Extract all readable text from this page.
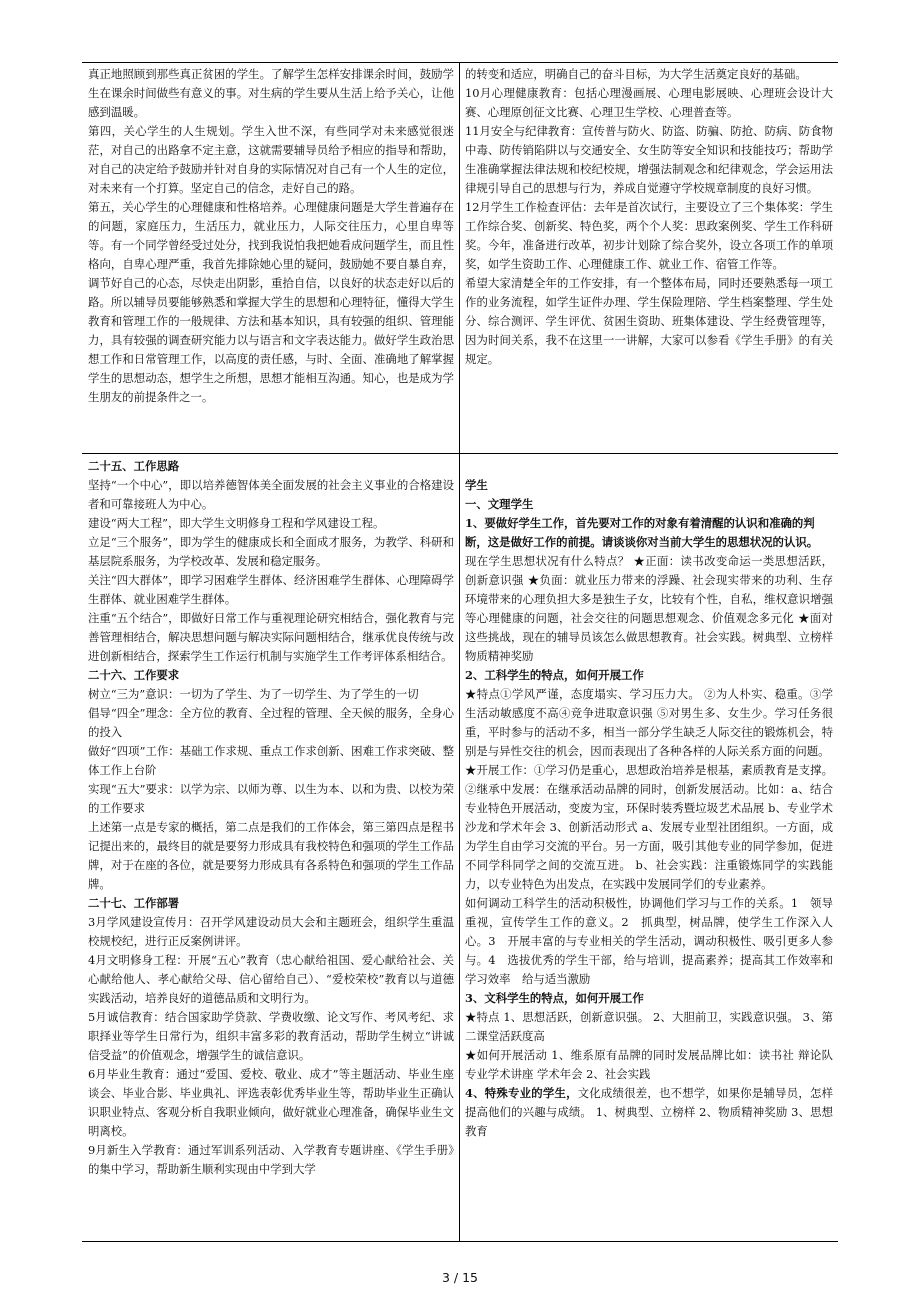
真正地照顾到那些真正贫困的学生。了解学生怎样安排课余时间，鼓励学生在课余时间做些有意义的事。对生病的学生要从生活上给予关心，让他感到温暖。

第四，关心学生的人生规划。学生入世不深，有些同学对未来感觉很迷茫，对自己的出路拿不定主意，这就需要辅导员给予相应的指导和帮助，对自己的决定给予鼓励并针对自身的实际情况对自己有一个人生的定位，对未来有一个打算。坚定自己的信念，走好自己的路。

第五，关心学生的心理健康和性格培养。心理健康问题是大学生普遍存在的问题，家庭压力，生活压力，就业压力，人际交往压力，心里自卑等等。有一个同学曾经受过处分，找到我说怕我把她看成问题学生，而且性格向，自卑心理严重，我首先排除她心里的疑问，鼓励她不要自暴自弃，调节好自己的心态，尽快走出阴影，重拾自信，以良好的状态走好以后的路。所以辅导员要能够熟悉和掌握大学生的思想和心理特征，懂得大学生教育和管理工作的一般规律、方法和基本知识，具有较强的组织、管理能力，具有较强的调查研究能力以与语言和文字表达能力。做好学生政治思想工作和日常管理工作，以高度的责任感，与时、全面、准确地了解掌握学生的思想动态，想学生之所想，思想才能相互沟通。知心，也是成为学生朋友的前提条件之一。

的转变和适应，明确自己的奋斗目标，为大学生活奠定良好的基础。

10月心理健康教育：包括心理漫画展、心理电影展映、心理班会设计大赛、心理原创征文比赛、心理卫生学校、心理普查等。

11月安全与纪律教育：宣传普与防火、防盗、防骗、防抢、防病、防食物中毒、防传销陷阱以与交通安全、女生防等安全知识和技能技巧；帮助学生准确掌握法律法规和校纪校规，增强法制观念和纪律观念，学会运用法律规引导自己的思想与行为，养成自觉遵守学校规章制度的良好习惯。

12月学生工作检查评估：去年是首次试行，主要设立了三个集体奖：学生工作综合奖、创新奖、特色奖，两个个人奖：思政案例奖、学生工作科研奖。今年，准备进行改革，初步计划除了综合奖外，设立各项工作的单项奖，如学生资助工作、心理健康工作、就业工作、宿管工作等。

希望大家清楚全年的工作安排，有一个整体布局，同时还要熟悉每一项工作的业务流程，如学生证件办理、学生保险理陪、学生档案整理、学生处分、综合测评、学生评优、贫困生资助、班集体建设、学生经费管理等，因为时间关系，我不在这里一一讲解，大家可以参看《学生手册》的有关规定。

二十五、工作思路

坚持“一个中心”，即以培养德智体美全面发展的社会主义事业的合格建设者和可靠接班人为中心。

建设“两大工程”，即大学生文明修身工程和学风建设工程。

立足“三个服务”，即为学生的健康成长和全面成才服务，为教学、科研和基层院系服务，为学校改革、发展和稳定服务。

关注“四大群体”，即学习困难学生群体、经济困难学生群体、心理障碍学生群体、就业困难学生群体。

注重“五个结合”，即做好日常工作与重视理论研究相结合，强化教育与完善管理相结合，解决思想问题与解决实际问题相结合，继承优良传统与改进创新相结合，探索学生工作运行机制与实施学生工作考评体系相结合。

二十六、工作要求

树立“三为”意识：一切为了学生、为了一切学生、为了学生的一切

倡导“四全”理念：全方位的教育、全过程的管理、全天候的服务，全身心的投入

做好“四项”工作：基础工作求规、重点工作求创新、困难工作求突破、整体工作上台阶

实现“五大”要求：以学为宗、以师为尊、以生为本、以和为贵、以校为荣的工作要求

上述第一点是专家的概括，第二点是我们的工作体会，第三第四点是程书记提出来的，最终目的就是要努力形成具有我校特色和强项的学生工作品牌，对于在座的各位，就是要努力形成具有各系特色和强项的学生工作品牌。

二十七、工作部署

3月学风建设宣传月：召开学风建设动员大会和主题班会，组织学生重温校规校纪，进行正反案例讲评。

4月文明修身工程：开展“五心”教育（忠心献给祖国、爱心献给社会、关心献给他人、孝心献给父母、信心留给自己）、“爱校荣校”教育以与道德实践活动，培养良好的道德品质和文明行为。

5月诚信教育：结合国家助学贷款、学费收缴、论文写作、考风考纪、求职择业等学生日常行为，组织丰富多彩的教育活动，帮助学生树立“讲诚信受益”的价值观念，增强学生的诚信意识。

6月毕业生教育：通过“爱国、爱校、敬业、成才”等主题活动、毕业生座谈会、毕业合影、毕业典礼、评选表彰优秀毕业生等，帮助毕业生正确认识职业特点、客观分析自我职业倾向，做好就业心理准备，确保毕业生文明离校。

9月新生入学教育：通过军训系列活动、入学教育专题讲座、《学生手册》的集中学习，帮助新生顺利实现由中学到大学

学生

一、文理学生

1、要做好学生工作，首先要对工作的对象有着清醒的认识和准确的判断，这是做好工作的前提。请谈谈你对当前大学生的思想状况的认识。

现在学生思想状况有什么特点？ ★正面：读书改变命运一类思想活跃，创新意识强 ★负面：就业压力带来的浮躁、社会现实带来的功利、生存环境带来的心理负担大多是独生子女，比较有个性，自私，维权意识增强等心理健康的问题，社会交往的问题思想观念、价值观念多元化 ★面对这些挑战，现在的辅导员该怎么做思想教育。社会实践。树典型、立榜样物质精神奖励

2、工科学生的特点，如何开展工作

★特点①学风严谨，态度塌实、学习压力大。 ②为人朴实、稳重。③学生活动敏感度不高④竞争进取意识强 ⑤对男生多、女生少。学习任务很重，平时参与的活动不多，相当一部分学生缺乏人际交往的锻炼机会，特别是与异性交往的机会，因而表现出了各种各样的人际关系方面的问题。

★开展工作：①学习仍是重心，思想政治培养是根基，素质教育是支撑。②继承中发展：在继承活动品牌的同时，创新发展活动。比如：a、结合专业特色开展活动，变废为宝，环保时装秀暨垃圾艺术品展 b、专业学术沙龙和学术年会 3、创新活动形式 a、发展专业型社团组织。一方面，成为学生自由学习交流的平台。另一方面，吸引其他专业的同学参加，促进不同学科同学之间的交流互进。 b、社会实践：注重锻炼同学的实践能力，以专业特色为出发点，在实践中发展同学们的专业素养。

如何调动工科学生的活动积极性，协调他们学习与工作的关系。1　领导重视，宣传学生工作的意义。2　抓典型，树品牌，使学生工作深入人心。3　开展丰富的与专业相关的学生活动，调动积极性、吸引更多人参与。4　选拔优秀的学生干部，给与培训，提高素养；提高其工作效率和学习效率　给与适当激励

3、文科学生的特点，如何开展工作

★特点 1、思想活跃，创新意识强。 2、大胆前卫，实践意识强。 3、第二课堂活跃度高

★如何开展活动 1、维系原有品牌的同时发展品牌比如：读书社 辩论队 专业学术讲座 学术年会 2、社会实践

4、特殊专业的学生，文化成绩很差，也不想学，如果你是辅导员，怎样提高他们的兴趣与成绩。 1、树典型、立榜样 2、物质精神奖励 3、思想教育

3 / 15
